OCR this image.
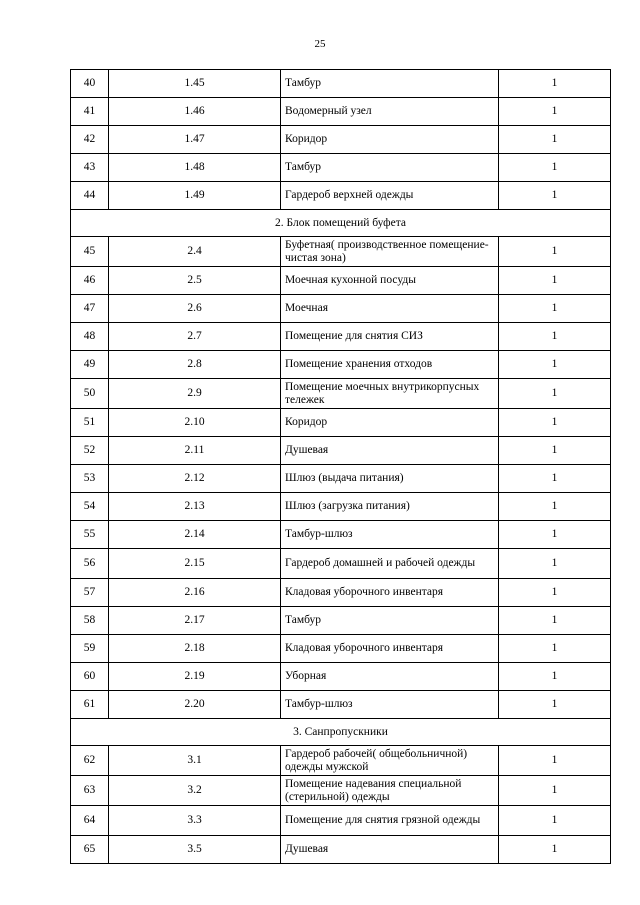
25
40	1.45	Тамбур	1
41	1.46	Водомерный узел	1
42	1.47	Коридор	1
43	1.48	Тамбур	1
44	1.49	Гардероб верхней одежды	1
2. Блок помещений буфета			
45	2.4	Буфетная( производственное помещение-чистая зона)	1
46	2.5	Моечная кухонной посуды	1
47	2.6	Моечная	1
48	2.7	Помещение для снятия СИЗ	1
49	2.8	Помещение хранения отходов	1
50	2.9	Помещение моечных внутрикорпусных тележек	1
51	2.10	Коридор	1
52	2.11	Душевая	1
53	2.12	Шлюз (выдача питания)	1
54	2.13	Шлюз (загрузка питания)	1
55	2.14	Тамбур-шлюз	1
56	2.15	Гардероб домашней и рабочей одежды	1
57	2.16	Кладовая уборочного инвентаря	1
58	2.17	Тамбур	1
59	2.18	Кладовая уборочного инвентаря	1
60	2.19	Уборная	1
61	2.20	Тамбур-шлюз	1
3. Санпропускники			
62	3.1	Гардероб рабочей( общебольничной) одежды мужской	1
63	3.2	Помещение надевания специальной (стерильной) одежды	1
64	3.3	Помещение для снятия грязной одежды	1
65	3.5	Душевая	1
